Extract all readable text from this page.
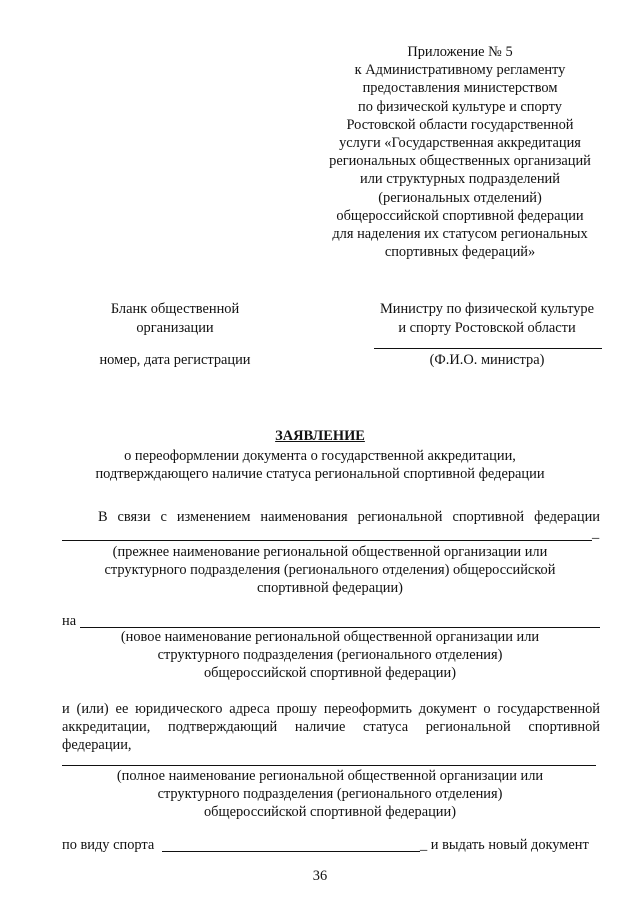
Приложение № 5
к Административному регламенту
предоставления министерством
по физической культуре и спорту
Ростовской области государственной
услуги «Государственная аккредитация
региональных общественных организаций
или структурных подразделений
(региональных отделений)
общероссийской спортивной федерации
для наделения их статусом региональных
спортивных федераций»
Бланк общественной
организации
номер, дата регистрации
Министру по физической культуре
и спорту Ростовской области
(Ф.И.О. министра)
ЗАЯВЛЕНИЕ
о переоформлении документа о государственной аккредитации,
подтверждающего наличие статуса региональной спортивной федерации
В связи с изменением наименования региональной спортивной федерации
_
(прежнее наименование региональной общественной организации или
структурного подразделения (регионального отделения) общероссийской
спортивной федерации)
на
(новое наименование региональной общественной организации или
структурного подразделения (регионального отделения)
общероссийской спортивной федерации)
и (или) ее юридического адреса прошу переоформить документ о государственной
аккредитации, подтверждающий наличие статуса региональной спортивной
федерации,
(полное наименование региональной общественной организации или
структурного подразделения (регионального отделения)
общероссийской спортивной федерации)
по виду спорта	_ и выдать новый документ
36
